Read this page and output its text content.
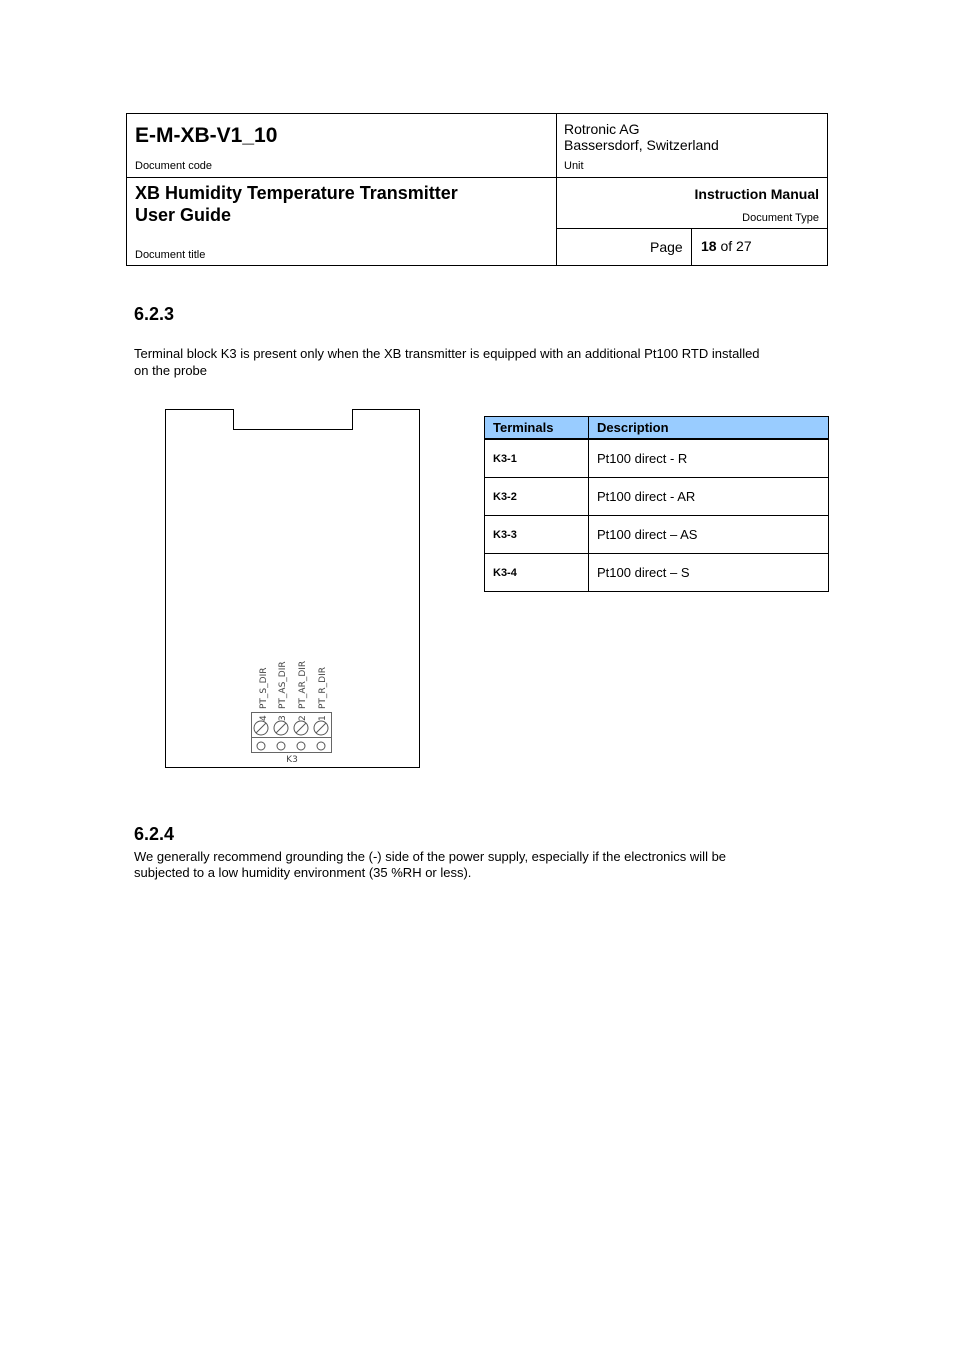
E-M-XB-V1_10
Document code
Rotronic AG
Bassersdorf, Switzerland
Unit
XB Humidity Temperature Transmitter
User Guide
Document title
Instruction Manual
Document Type
Page 18 of 27
6.2.3
Terminal block K3 is present only when the XB transmitter is equipped with an additional Pt100 RTD installed
on the probe
PT_S_DIR PT_AS_DIR PT_AR_DIR PT_R_DIR
4 3 2 1
K3
Terminals	Description
K3-1	Pt100 direct - R
K3-2	Pt100 direct - AR
K3-3	Pt100 direct – AS
K3-4	Pt100 direct – S
6.2.4
We generally recommend grounding the (-) side of the power supply, especially if the electronics will be
subjected to a low humidity environment (35 %RH or less).
